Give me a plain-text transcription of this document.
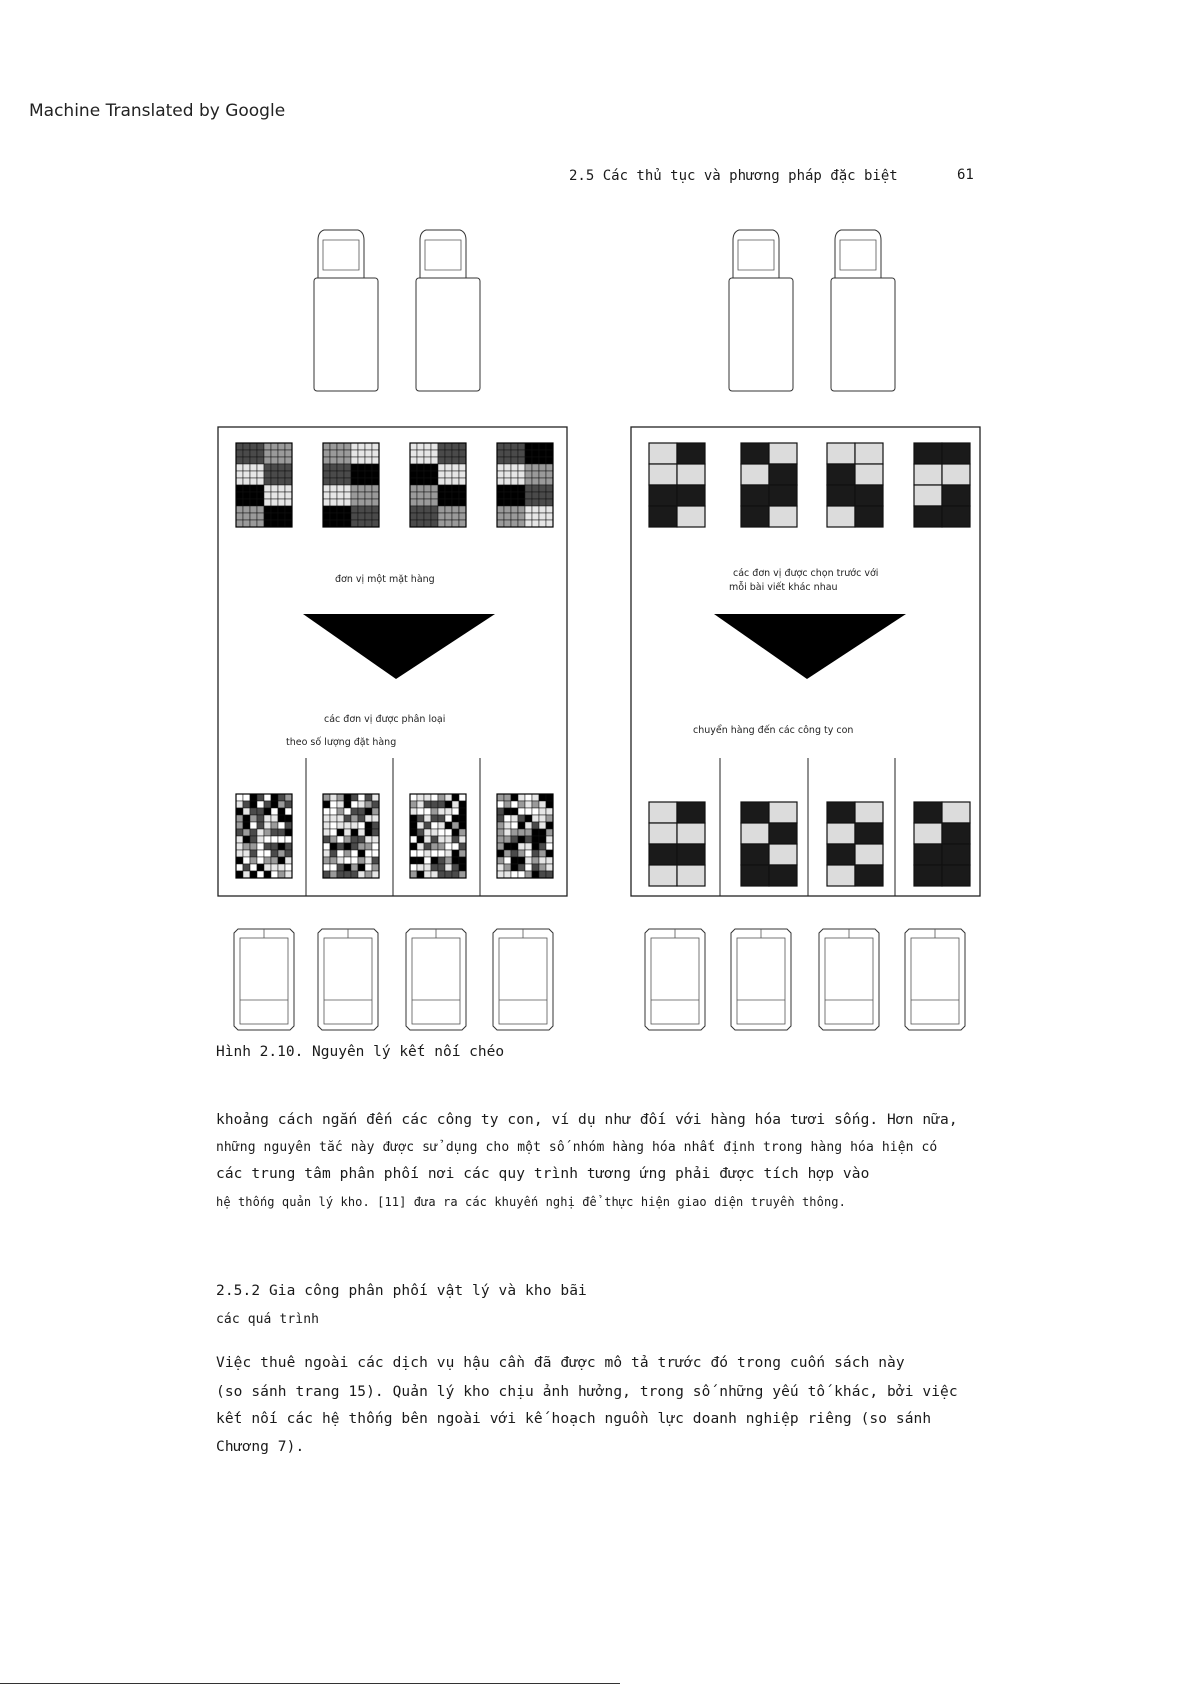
Machine Translated by Google
2.5 Các thủ tục và phương pháp đặc biệt	61
đơn vị một mặt hàng
các đơn vị được phân loại
theo số lượng đặt hàng
các đơn vị được chọn trước với
mỗi bài viết khác nhau
chuyển hàng đến các công ty con
Hình 2.10. Nguyên lý kết nối chéo
khoảng cách ngắn đến các công ty con, ví dụ như đối với hàng hóa tươi sống. Hơn nữa,
những nguyên tắc này được sử dụng cho một số nhóm hàng hóa nhất định trong hàng hóa hiện có
các trung tâm phân phối nơi các quy trình tương ứng phải được tích hợp vào
hệ thống quản lý kho. [11] đưa ra các khuyến nghị để thực hiện giao diện truyền thông.
2.5.2 Gia công phân phối vật lý và kho bãi
các quá trình
Việc thuê ngoài các dịch vụ hậu cần đã được mô tả trước đó trong cuốn sách này
(so sánh trang 15). Quản lý kho chịu ảnh hưởng, trong số những yếu tố khác, bởi việc
kết nối các hệ thống bên ngoài với kế hoạch nguồn lực doanh nghiệp riêng (so sánh
Chương 7).
